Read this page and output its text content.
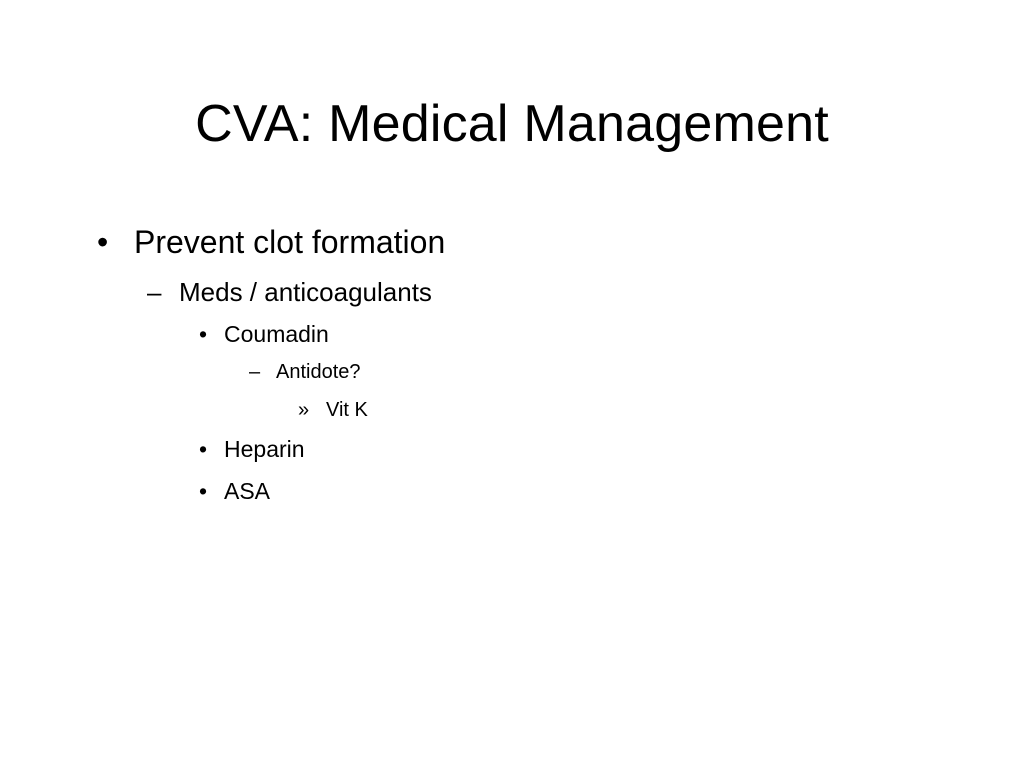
CVA: Medical Management
• Prevent clot formation
– Meds / anticoagulants
• Coumadin
– Antidote?
» Vit K
• Heparin
• ASA
